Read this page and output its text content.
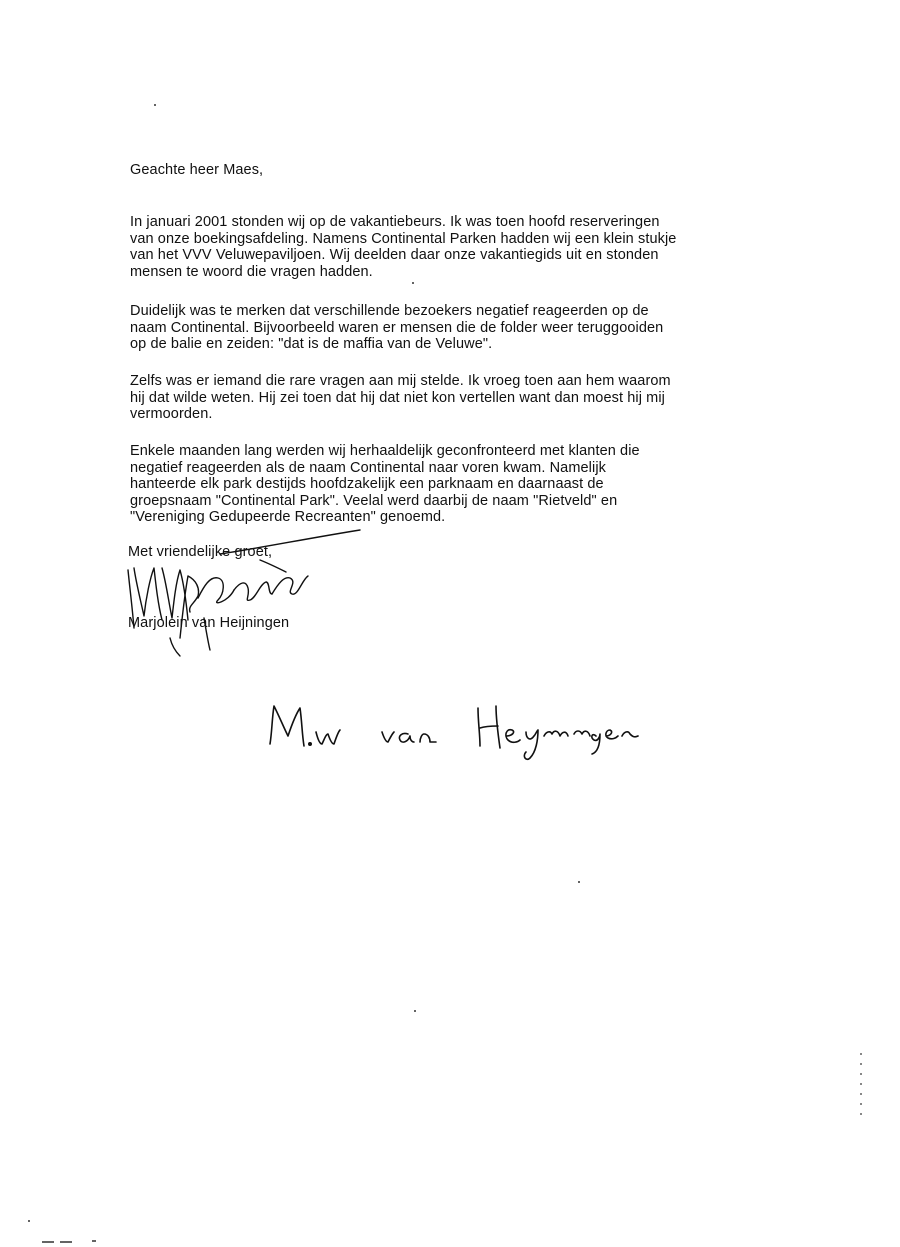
Geachte heer Maes,
In januari 2001 stonden wij op de vakantiebeurs. Ik was toen hoofd reserveringen
van onze boekingsafdeling. Namens Continental Parken hadden wij een klein stukje
van het VVV Veluwepaviljoen. Wij deelden daar onze vakantiegids uit en stonden
mensen te woord die vragen hadden.
Duidelijk was te merken dat verschillende bezoekers negatief reageerden op de
naam Continental. Bijvoorbeeld waren er mensen die de folder weer teruggooiden
op de balie en zeiden: "dat is de maffia van de Veluwe".
Zelfs was er iemand die rare vragen aan mij stelde. Ik vroeg toen aan hem waarom
hij dat wilde weten. Hij zei toen dat hij dat niet kon vertellen want dan moest hij mij
vermoorden.
Enkele maanden lang werden wij herhaaldelijk geconfronteerd met klanten die
negatief reageerden als de naam Continental naar voren kwam. Namelijk
hanteerde elk park destijds hoofdzakelijk een parknaam en daarnaast de
groepsnaam "Continental Park". Veelal werd daarbij de naam "Rietveld" en
"Vereniging Gedupeerde Recreanten" genoemd.
Met vriendelijke groet,
Marjolein van Heijningen
